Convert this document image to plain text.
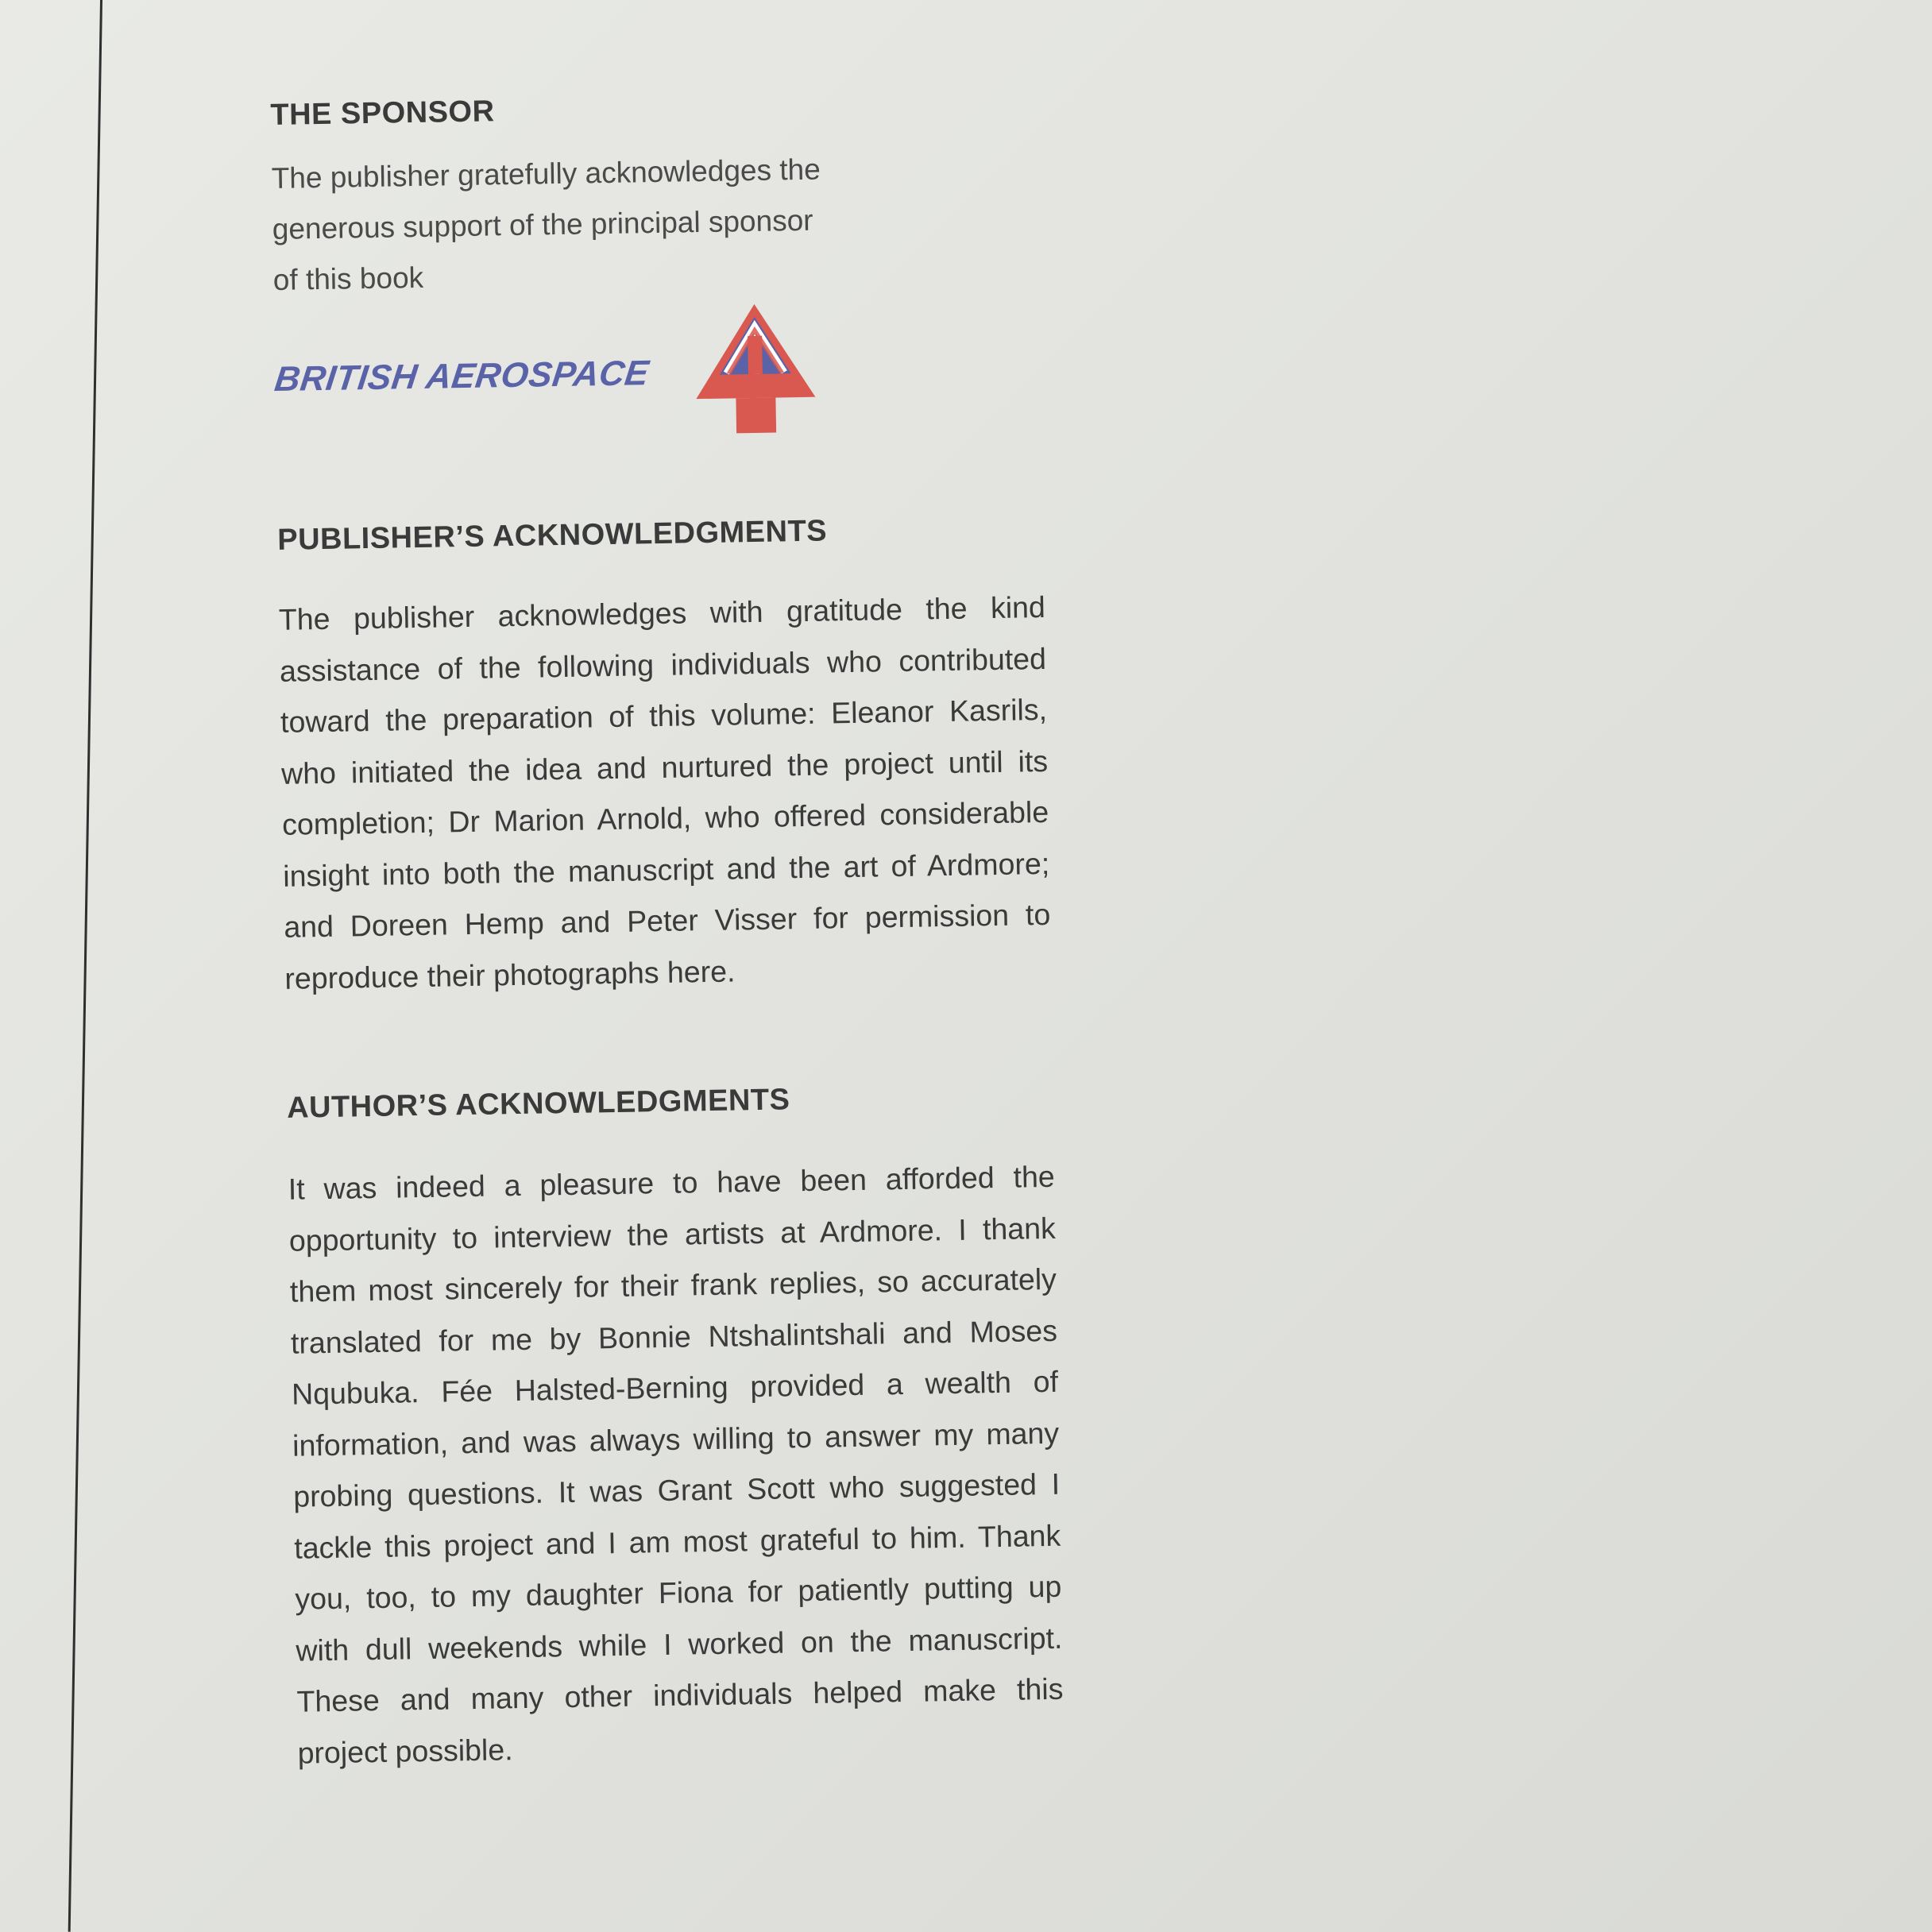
THE SPONSOR

The publisher gratefully acknowledges the generous support of the principal sponsor of this book

BRITISH AEROSPACE
PUBLISHER’S ACKNOWLEDGMENTS

The publisher acknowledges with gratitude the kind assistance of the following individuals who contributed toward the preparation of this volume: Eleanor Kasrils, who initiated the idea and nurtured the project until its completion; Dr Marion Arnold, who offered considerable insight into both the manuscript and the art of Ardmore; and Doreen Hemp and Peter Visser for permission to reproduce their photographs here.

AUTHOR’S ACKNOWLEDGMENTS

It was indeed a pleasure to have been afforded the opportunity to interview the artists at Ardmore. I thank them most sincerely for their frank replies, so accurately translated for me by Bonnie Ntshalintshali and Moses Nqubuka. Fée Halsted-Berning provided a wealth of information, and was always willing to answer my many probing questions. It was Grant Scott who suggested I tackle this project and I am most grateful to him. Thank you, too, to my daughter Fiona for patiently putting up with dull weekends while I worked on the manuscript. These and many other individuals helped make this project possible.
